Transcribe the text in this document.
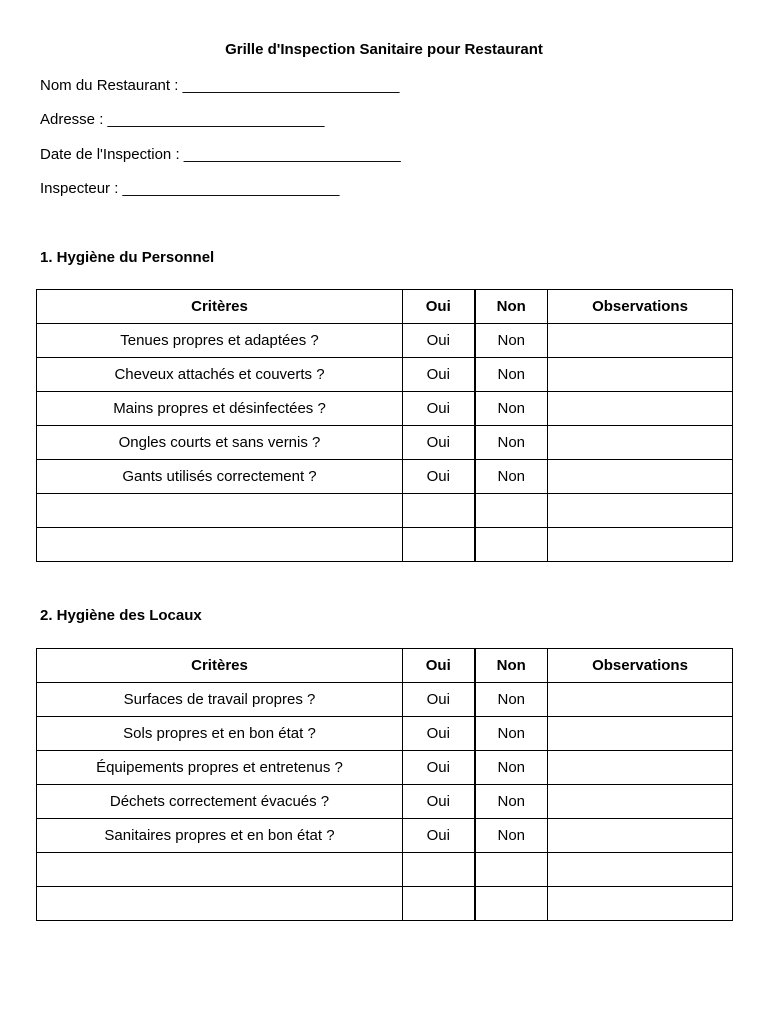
Grille d'Inspection Sanitaire pour Restaurant
Nom du Restaurant : __________________________
Adresse : __________________________
Date de l'Inspection : __________________________
Inspecteur : __________________________
1. Hygiène du Personnel
Critères	Oui	Non	Observations
Tenues propres et adaptées ?	Oui	Non	
Cheveux attachés et couverts ?	Oui	Non	
Mains propres et désinfectées ?	Oui	Non	
Ongles courts et sans vernis ?	Oui	Non	
Gants utilisés correctement ?	Oui	Non	

2. Hygiène des Locaux
Critères	Oui	Non	Observations
Surfaces de travail propres ?	Oui	Non	
Sols propres et en bon état ?	Oui	Non	
Équipements propres et entretenus ?	Oui	Non	
Déchets correctement évacués ?	Oui	Non	
Sanitaires propres et en bon état ?	Oui	Non	
